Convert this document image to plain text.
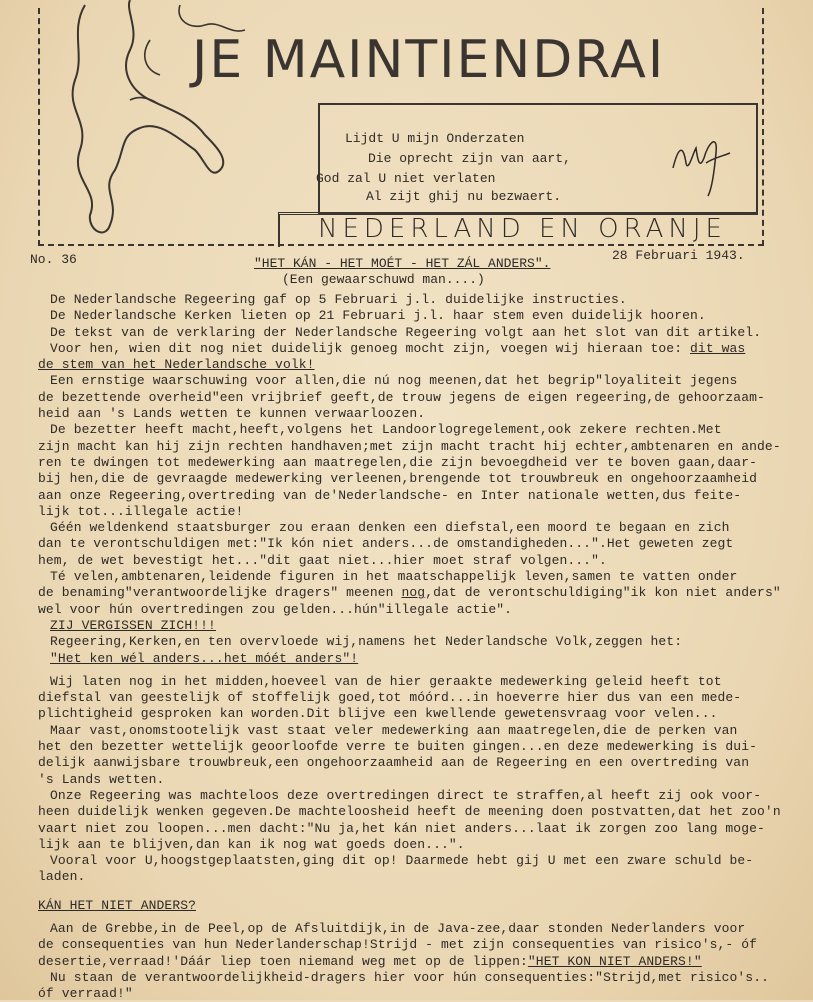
JE MAINTIENDRAI
Lijdt U mijn Onderzaten
Die oprecht zijn van aart,
God zal U niet verlaten
Al zijt ghij nu bezwaert.
NEDERLAND EN ORANJE
No. 36	28 Februari 1943.
"HET KÁN - HET MOÉT - HET ZÁL ANDERS".
(Een gewaarschuwd man....)
De Nederlandsche Regeering gaf op 5 Februari j.l. duidelijke instructies.
De Nederlandsche Kerken lieten op 21 Februari j.l. haar stem even duidelijk hooren.
De tekst van de verklaring der Nederlandsche Regeering volgt aan het slot van dit artikel.
Voor hen, wien dit nog niet duidelijk genoeg mocht zijn, voegen wij hieraan toe: dit was
de stem van het Nederlandsche volk!
Een ernstige waarschuwing voor allen,die nú nog meenen,dat het begrip"loyaliteit jegens
de bezettende overheid"een vrijbrief geeft,de trouw jegens de eigen regeering,de gehoorzaam-
heid aan 's Lands wetten te kunnen verwaarloozen.
De bezetter heeft macht,heeft,volgens het Landoorlogregelement,ook zekere rechten.Met
zijn macht kan hij zijn rechten handhaven;met zijn macht tracht hij echter,ambtenaren en ande-
ren te dwingen tot medewerking aan maatregelen,die zijn bevoegdheid ver te boven gaan,daar-
bij hen,die de gevraagde medewerking verleenen,brengende tot trouwbreuk en ongehoorzaamheid
aan onze Regeering,overtreding van de'Nederlandsche- en Inter nationale wetten,dus feite-
lijk tot...illegale actie!
Géén weldenkend staatsburger zou eraan denken een diefstal,een moord te begaan en zich
dan te verontschuldigen met:"Ik kón niet anders...de omstandigheden...".Het geweten zegt
hem, de wet bevestigt het..."dit gaat niet...hier moet straf volgen...".
Té velen,ambtenaren,leidende figuren in het maatschappelijk leven,samen te vatten onder
de benaming"verantwoordelijke dragers" meenen nog,dat de verontschuldiging"ik kon niet anders"
wel voor hún overtredingen zou gelden...hún"illegale actie".
ZIJ VERGISSEN ZICH!!!
Regeering,Kerken,en ten overvloede wij,namens het Nederlandsche Volk,zeggen het:
"Het ken wél anders...het móét anders"!
Wij laten nog in het midden,hoeveel van de hier geraakte medewerking geleid heeft tot
diefstal van geestelijk of stoffelijk goed,tot móórd...in hoeverre hier dus van een mede-
plichtigheid gesproken kan worden.Dit blijve een kwellende gewetensvraag voor velen...
Maar vast,onomstootelijk vast staat veler medewerking aan maatregelen,die de perken van
het den bezetter wettelijk geoorloofde verre te buiten gingen...en deze medewerking is dui-
delijk aanwijsbare trouwbreuk,een ongehoorzaamheid aan de Regeering en een overtreding van
's Lands wetten.
Onze Regeering was machteloos deze overtredingen direct te straffen,al heeft zij ook voor-
heen duidelijk wenken gegeven.De machteloosheid heeft de meening doen postvatten,dat het zoo'n
vaart niet zou loopen...men dacht:"Nu ja,het kán niet anders...laat ik zorgen zoo lang moge-
lijk aan te blijven,dan kan ik nog wat goeds doen...".
Vooral voor U,hoogstgeplaatsten,ging dit op! Daarmede hebt gij U met een zware schuld be-
laden.
KÁN HET NIET ANDERS?
Aan de Grebbe,in de Peel,op de Afsluitdijk,in de Java-zee,daar stonden Nederlanders voor
de consequenties van hun Nederlanderschap!Strijd - met zijn consequenties van risico's,- óf
desertie,verraad!'Dáár liep toen niemand weg met op de lippen:"HET KON NIET ANDERS!"
Nu staan de verantwoordelijkheid-dragers hier voor hún consequenties:"Strijd,met risico's..
óf verraad!"
